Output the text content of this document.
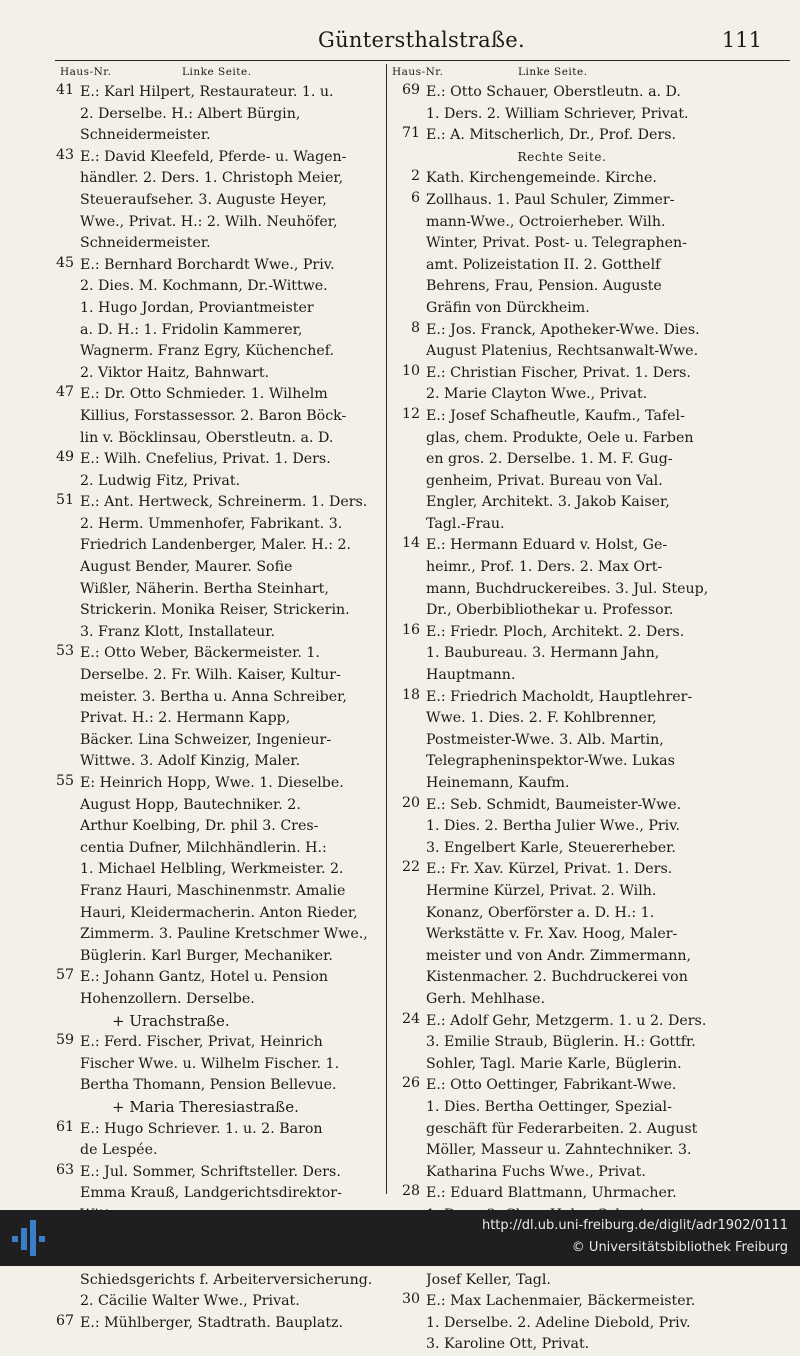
Güntersthalstraße.	111
Haus-Nr.	Linke Seite.
41 E.: Karl Hilpert, Restaurateur. 1. u.
2. Derselbe. H.: Albert Bürgin,
Schneidermeister.
43 E.: David Kleefeld, Pferde- u. Wagen-
händler. 2. Ders. 1. Christoph Meier,
Steueraufseher. 3. Auguste Heyer,
Wwe., Privat. H.: 2. Wilh. Neuhöfer,
Schneidermeister.
45 E.: Bernhard Borchardt Wwe., Priv.
2. Dies. M. Kochmann, Dr.-Wittwe.
1. Hugo Jordan, Proviantmeister
a. D. H.: 1. Fridolin Kammerer,
Wagnerm. Franz Egry, Küchenchef.
2. Viktor Haitz, Bahnwart.
47 E.: Dr. Otto Schmieder. 1. Wilhelm
Killius, Forstassessor. 2. Baron Böck-
lin v. Böcklinsau, Oberstleutn. a. D.
49 E.: Wilh. Cnefelius, Privat. 1. Ders.
2. Ludwig Fitz, Privat.
51 E.: Ant. Hertweck, Schreinerm. 1. Ders.
2. Herm. Ummenhofer, Fabrikant. 3.
Friedrich Landenberger, Maler. H.: 2.
August Bender, Maurer. Sofie
Wißler, Näherin. Bertha Steinhart,
Strickerin. Monika Reiser, Strickerin.
3. Franz Klott, Installateur.
53 E.: Otto Weber, Bäckermeister. 1.
Derselbe. 2. Fr. Wilh. Kaiser, Kultur-
meister. 3. Bertha u. Anna Schreiber,
Privat. H.: 2. Hermann Kapp,
Bäcker. Lina Schweizer, Ingenieur-
Wittwe. 3. Adolf Kinzig, Maler.
55 E: Heinrich Hopp, Wwe. 1. Dieselbe.
August Hopp, Bautechniker. 2.
Arthur Koelbing, Dr. phil 3. Cres-
centia Dufner, Milchhändlerin. H.:
1. Michael Helbling, Werkmeister. 2.
Franz Hauri, Maschinenmstr. Amalie
Hauri, Kleidermacherin. Anton Rieder,
Zimmerm. 3. Pauline Kretschmer Wwe.,
Büglerin. Karl Burger, Mechaniker.
57 E.: Johann Gantz, Hotel u. Pension
Hohenzollern. Derselbe.
+ Urachstraße.
59 E.: Ferd. Fischer, Privat, Heinrich
Fischer Wwe. u. Wilhelm Fischer. 1.
Bertha Thomann, Pension Bellevue.
+ Maria Theresiastraße.
61 E.: Hugo Schriever. 1. u. 2. Baron
de Lespée.
63 E.: Jul. Sommer, Schriftsteller. Ders.
Emma Krauß, Landgerichtsdirektor-
Schiedsgerichts f. Arbeiterversicherung.
2. Cäcilie Walter Wwe., Privat.
67 E.: Mühlberger, Stadtrath. Bauplatz.
Haus-Nr.	Linke Seite.
69 E.: Otto Schauer, Oberstleutn. a. D.
1. Ders. 2. William Schriever, Privat.
71 E.: A. Mitscherlich, Dr., Prof. Ders.
Rechte Seite.
2 Kath. Kirchengemeinde. Kirche.
6 Zollhaus. 1. Paul Schuler, Zimmer-
mann-Wwe., Octroierheber. Wilh.
Winter, Privat. Post- u. Telegraphen-
amt. Polizeistation II. 2. Gotthelf
Behrens, Frau, Pension. Auguste
Gräfin von Dürckheim.
8 E.: Jos. Franck, Apotheker-Wwe. Dies.
August Platenius, Rechtsanwalt-Wwe.
10 E.: Christian Fischer, Privat. 1. Ders.
2. Marie Clayton Wwe., Privat.
12 E.: Josef Schafheutle, Kaufm., Tafel-
glas, chem. Produkte, Oele u. Farben
en gros. 2. Derselbe. 1. M. F. Gug-
genheim, Privat. Bureau von Val.
Engler, Architekt. 3. Jakob Kaiser,
Tagl.-Frau.
14 E.: Hermann Eduard v. Holst, Ge-
heimr., Prof. 1. Ders. 2. Max Ort-
mann, Buchdruckereibes. 3. Jul. Steup,
Dr., Oberbibliothekar u. Professor.
16 E.: Friedr. Ploch, Architekt. 2. Ders.
1. Baubureau. 3. Hermann Jahn,
Hauptmann.
18 E.: Friedrich Macholdt, Hauptlehrer-
Wwe. 1. Dies. 2. F. Kohlbrenner,
Postmeister-Wwe. 3. Alb. Martin,
Telegrapheninspektor-Wwe. Lukas
Heinemann, Kaufm.
20 E.: Seb. Schmidt, Baumeister-Wwe.
1. Dies. 2. Bertha Julier Wwe., Priv.
3. Engelbert Karle, Steuererheber.
22 E.: Fr. Xav. Kürzel, Privat. 1. Ders.
Hermine Kürzel, Privat. 2. Wilh.
Konanz, Oberförster a. D. H.: 1.
Werkstätte v. Fr. Xav. Hoog, Maler-
meister und von Andr. Zimmermann,
Kistenmacher. 2. Buchdruckerei von
Gerh. Mehlhase.
24 E.: Adolf Gehr, Metzgerm. 1. u 2. Ders.
3. Emilie Straub, Büglerin. H.: Gottfr.
Sohler, Tagl. Marie Karle, Büglerin.
26 E.: Otto Oettinger, Fabrikant-Wwe.
1. Dies. Bertha Oettinger, Spezial-
geschäft für Federarbeiten. 2. August
Möller, Masseur u. Zahntechniker. 3.
Katharina Fuchs Wwe., Privat.
28 E.: Eduard Blattmann, Uhrmacher.
Josef Keller, Tagl.
30 E.: Max Lachenmaier, Bäckermeister.
1. Derselbe. 2. Adeline Diebold, Priv.
3. Karoline Ott, Privat.
http://dl.ub.uni-freiburg.de/diglit/adr1902/0111
© Universitätsbibliothek Freiburg
